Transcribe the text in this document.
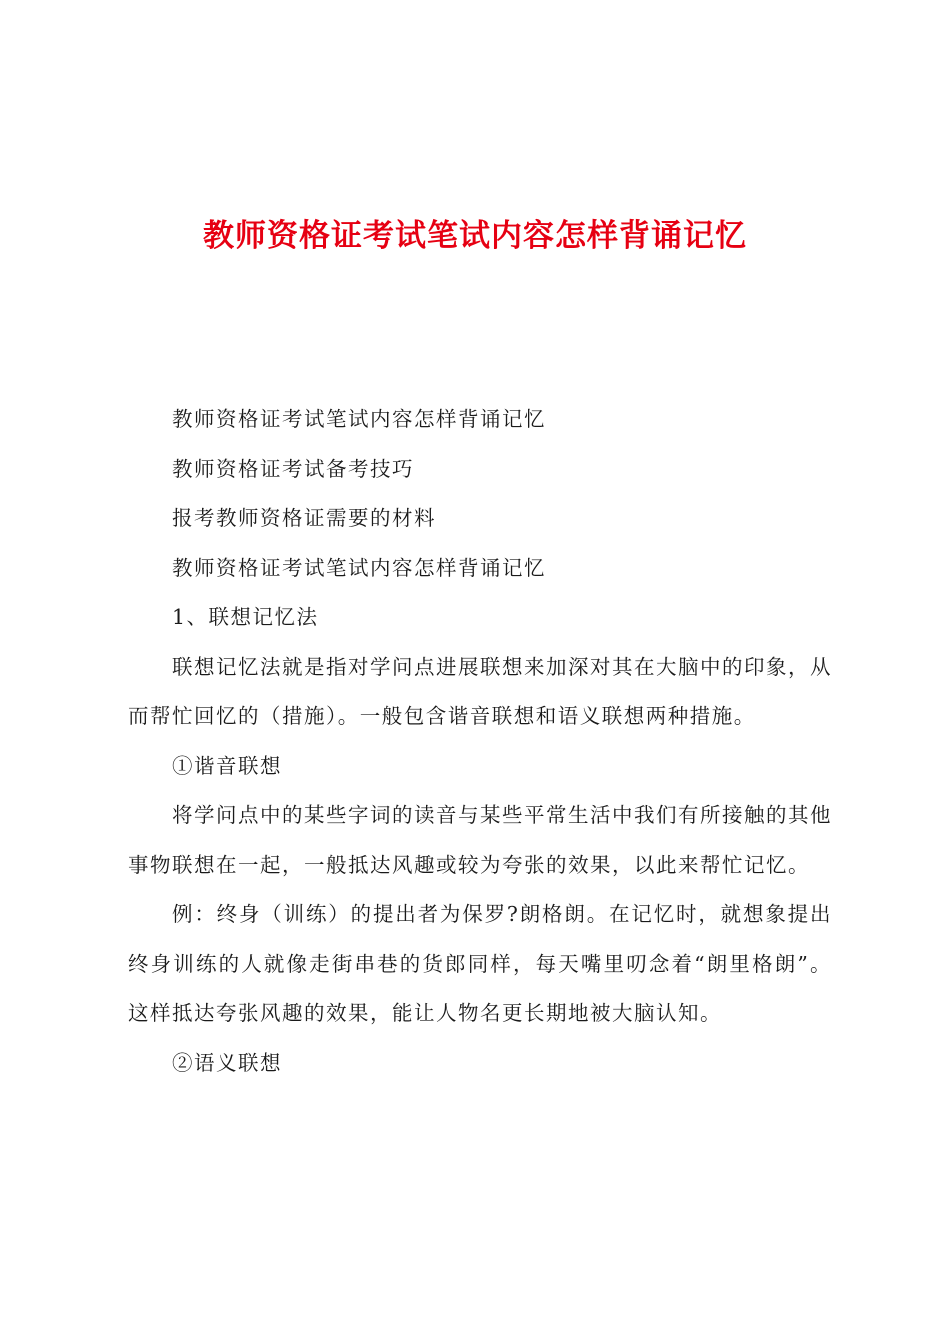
教师资格证考试笔试内容怎样背诵记忆

教师资格证考试笔试内容怎样背诵记忆

教师资格证考试备考技巧

报考教师资格证需要的材料

教师资格证考试笔试内容怎样背诵记忆

1、联想记忆法

联想记忆法就是指对学问点进展联想来加深对其在大脑中的印象，从而帮忙回忆的（措施）。一般包含谐音联想和语义联想两种措施。

①谐音联想

将学问点中的某些字词的读音与某些平常生活中我们有所接触的其他事物联想在一起，一般抵达风趣或较为夸张的效果，以此来帮忙记忆。

例：终身（训练）的提出者为保罗?朗格朗。在记忆时，就想象提出终身训练的人就像走街串巷的货郎同样，每天嘴里叨念着“朗里格朗”。这样抵达夸张风趣的效果，能让人物名更长期地被大脑认知。

②语义联想
